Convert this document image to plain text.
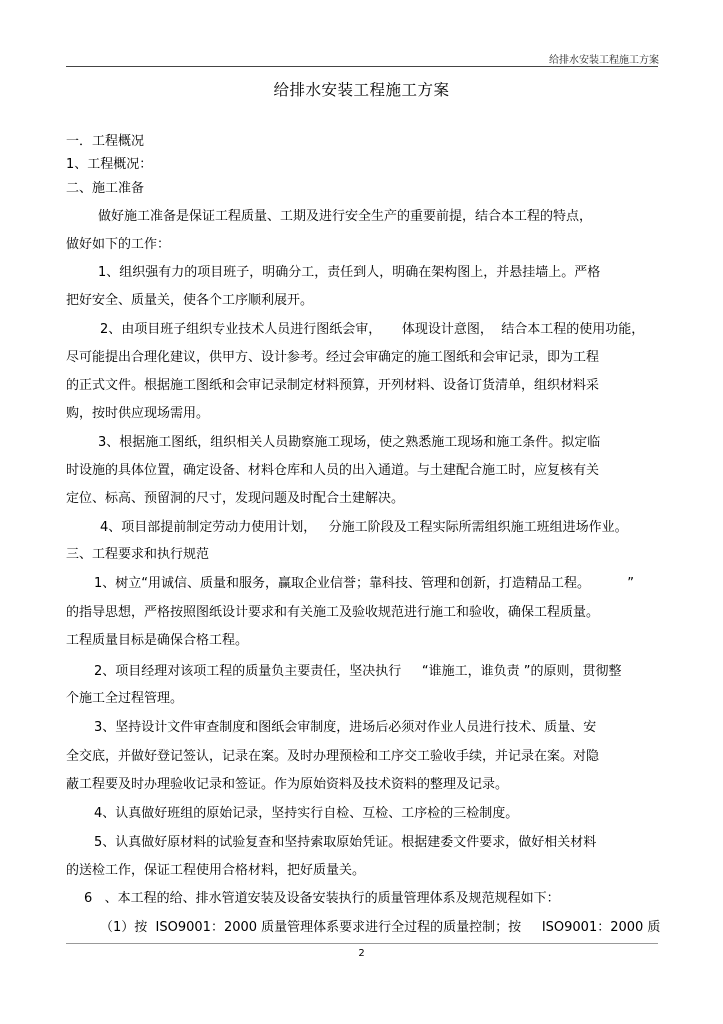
给排水安装工程施工方案
给排水安装工程施工方案
一．工程概况
1、工程概况：
二、施工准备
做好施工准备是保证工程质量、工期及进行安全生产的重要前提，结合本工程的特点，
做好如下的工作：
1、组织强有力的项目班子，明确分工，责任到人，明确在架构图上，并悬挂墙上。严格
把好安全、质量关，使各个工序顺利展开。
2、由项目班子组织专业技术人员进行图纸会审，     体现设计意图，  结合本工程的使用功能，
尽可能提出合理化建议，供甲方、设计参考。经过会审确定的施工图纸和会审记录，即为工程
的正式文件。根据施工图纸和会审记录制定材料预算，开列材料、设备订货清单，组织材料采
购，按时供应现场需用。
3、根据施工图纸，组织相关人员勘察施工现场，使之熟悉施工现场和施工条件。拟定临
时设施的具体位置，确定设备、材料仓库和人员的出入通道。与土建配合施工时，应复核有关
定位、标高、预留洞的尺寸，发现问题及时配合土建解决。
4、项目部提前制定劳动力使用计划，   分施工阶段及工程实际所需组织施工班组进场作业。
三、工程要求和执行规范
1、树立“用诚信、质量和服务，赢取企业信誉；靠科技、管理和创新，打造精品工程。         ”
的指导思想，严格按照图纸设计要求和有关施工及验收规范进行施工和验收，确保工程质量。
工程质量目标是确保合格工程。
2、项目经理对该项工程的质量负主要责任，坚决执行     “谁施工，谁负责 ”的原则，贯彻整
个施工全过程管理。
3、坚持设计文件审查制度和图纸会审制度，进场后必须对作业人员进行技术、质量、安
全交底，并做好登记签认，记录在案。及时办理预检和工序交工验收手续，并记录在案。对隐
蔽工程要及时办理验收记录和签证。作为原始资料及技术资料的整理及记录。
4、认真做好班组的原始记录，坚持实行自检、互检、工序检的三检制度。
5、认真做好原材料的试验复查和坚持索取原始凭证。根据建委文件要求，做好相关材料
的送检工作，保证工程使用合格材料，把好质量关。
6   、本工程的给、排水管道安装及设备安装执行的质量管理体系及规范规程如下：
（1）按  ISO9001：2000 质量管理体系要求进行全过程的质量控制；按     ISO9001：2000 质
2
